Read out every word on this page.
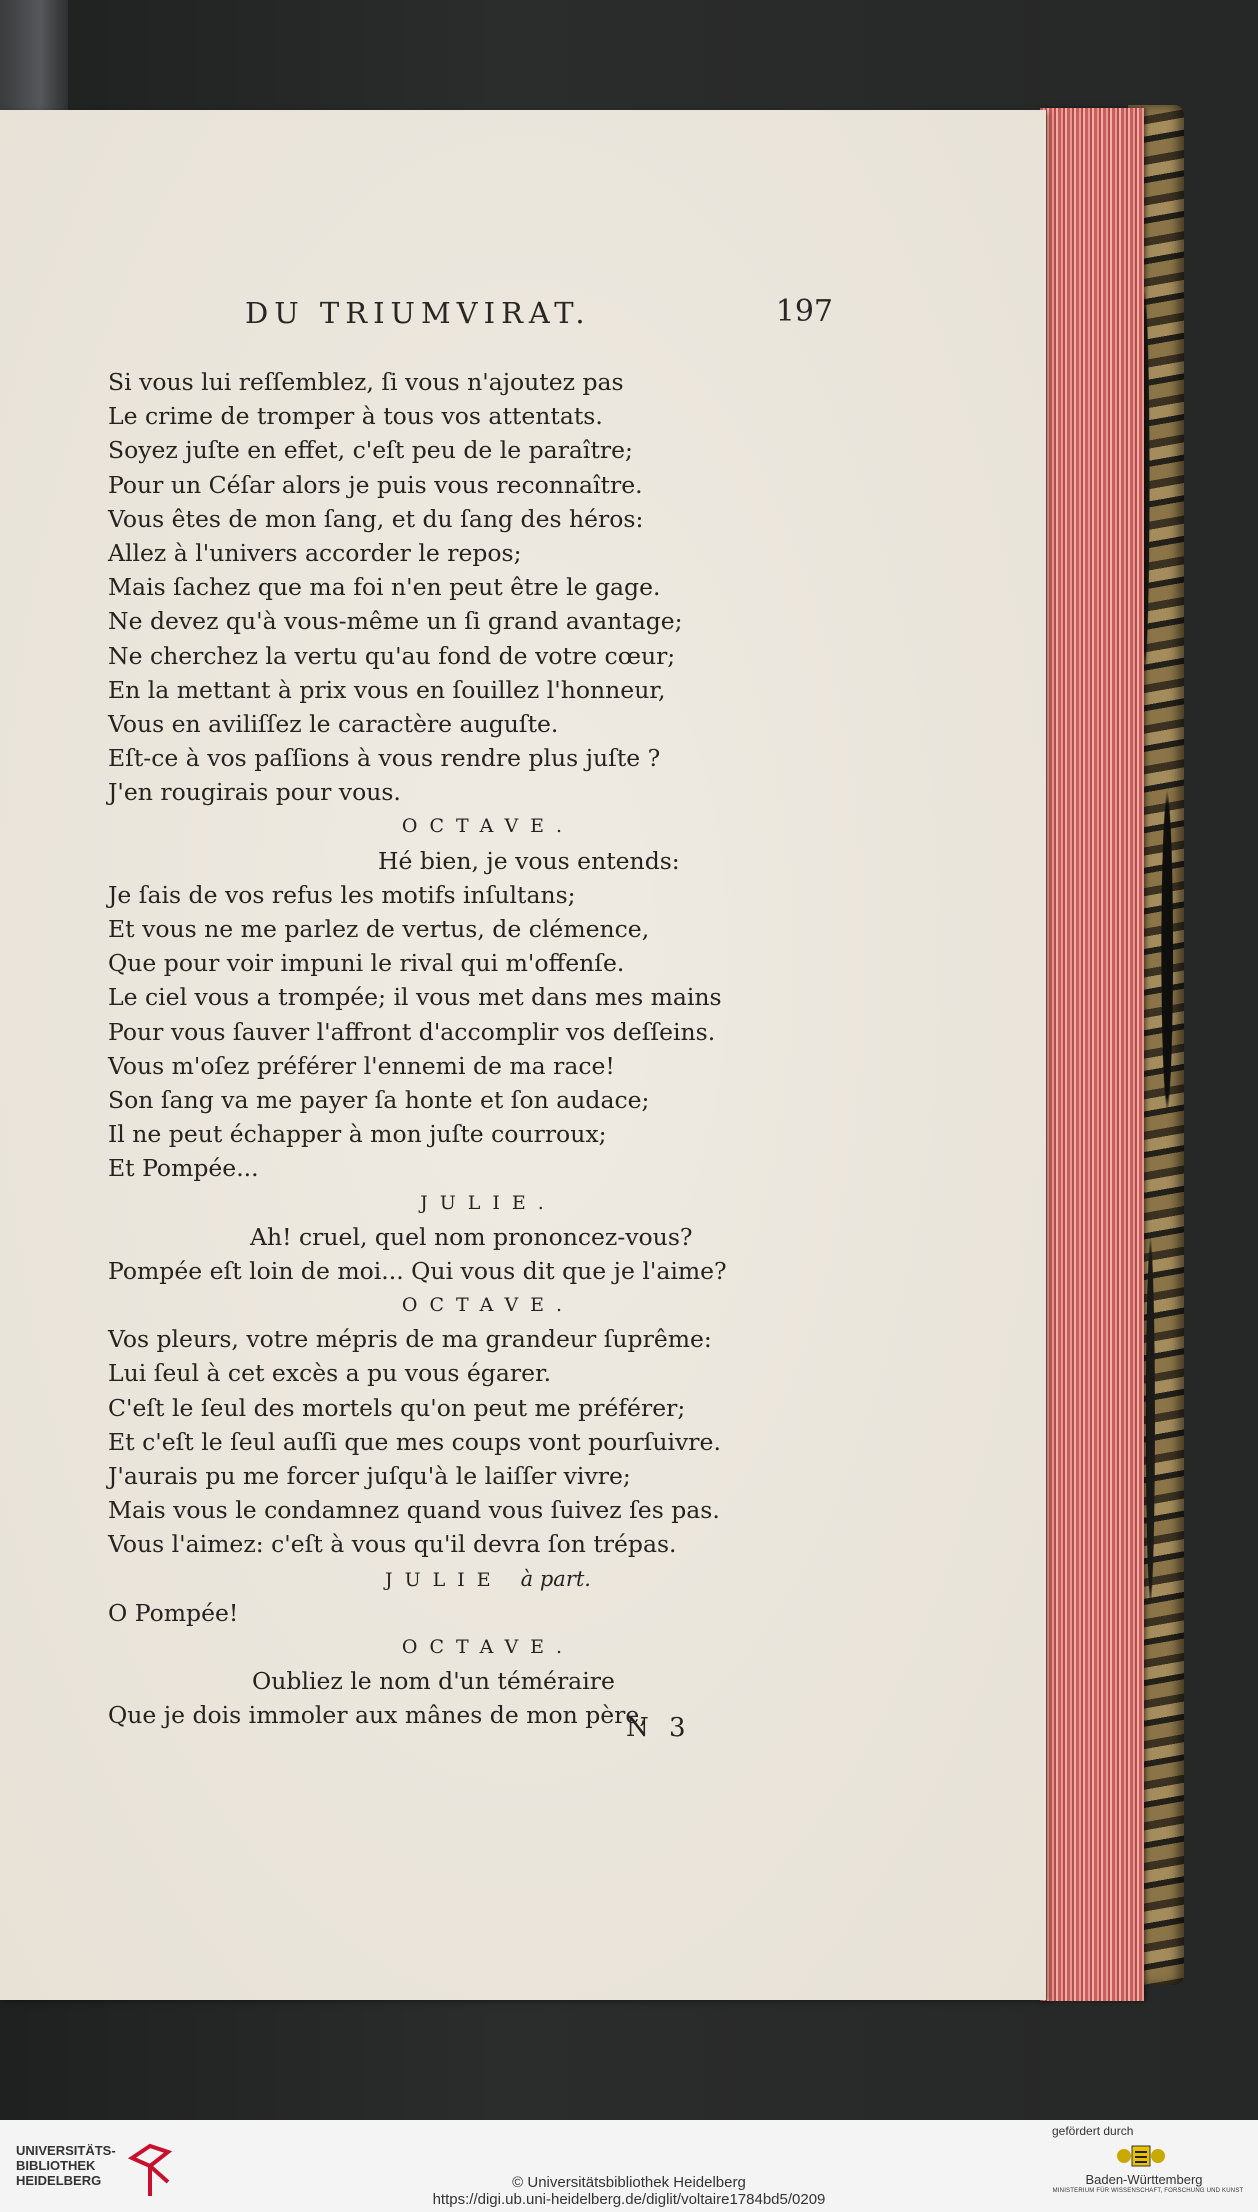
DU TRIUMVIRAT.	197
Si vous lui reſſemblez, ſi vous n'ajoutez pas
Le crime de tromper à tous vos attentats.
Soyez juſte en effet, c'eſt peu de le paraître;
Pour un Céſar alors je puis vous reconnaître.
Vous êtes de mon ſang, et du ſang des héros:
Allez à l'univers accorder le repos;
Mais ſachez que ma foi n'en peut être le gage.
Ne devez qu'à vous-même un ſi grand avantage;
Ne cherchez la vertu qu'au fond de votre cœur;
En la mettant à prix vous en ſouillez l'honneur,
Vous en aviliſſez le caractère auguſte.
Eſt-ce à vos paſſions à vous rendre plus juſte ?
J'en rougirais pour vous.
OCTAVE.
Hé bien, je vous entends:
Je ſais de vos refus les motifs inſultans;
Et vous ne me parlez de vertus, de clémence,
Que pour voir impuni le rival qui m'offenſe.
Le ciel vous a trompée; il vous met dans mes mains
Pour vous ſauver l'affront d'accomplir vos deſſeins.
Vous m'oſez préférer l'ennemi de ma race!
Son ſang va me payer ſa honte et ſon audace;
Il ne peut échapper à mon juſte courroux;
Et Pompée...
JULIE.
Ah! cruel, quel nom prononcez-vous?
Pompée eſt loin de moi... Qui vous dit que je l'aime?
OCTAVE.
Vos pleurs, votre mépris de ma grandeur ſuprême:
Lui ſeul à cet excès a pu vous égarer.
C'eſt le ſeul des mortels qu'on peut me préférer;
Et c'eſt le ſeul auſſi que mes coups vont pourſuivre.
J'aurais pu me forcer juſqu'à le laiſſer vivre;
Mais vous le condamnez quand vous ſuivez ſes pas.
Vous l'aimez: c'eſt à vous qu'il devra ſon trépas.
JULIE à part.
O Pompée!
OCTAVE.
Oubliez le nom d'un téméraire
Que je dois immoler aux mânes de mon père,
N 3
UNIVERSITÄTS-
BIBLIOTHEK
HEIDELBERG	© Universitätsbibliothek Heidelberg
https://digi.ub.uni-heidelberg.de/diglit/voltaire1784bd5/0209
gefördert durch
Baden-Württemberg
MINISTERIUM FÜR WISSENSCHAFT, FORSCHUNG UND KUNST
